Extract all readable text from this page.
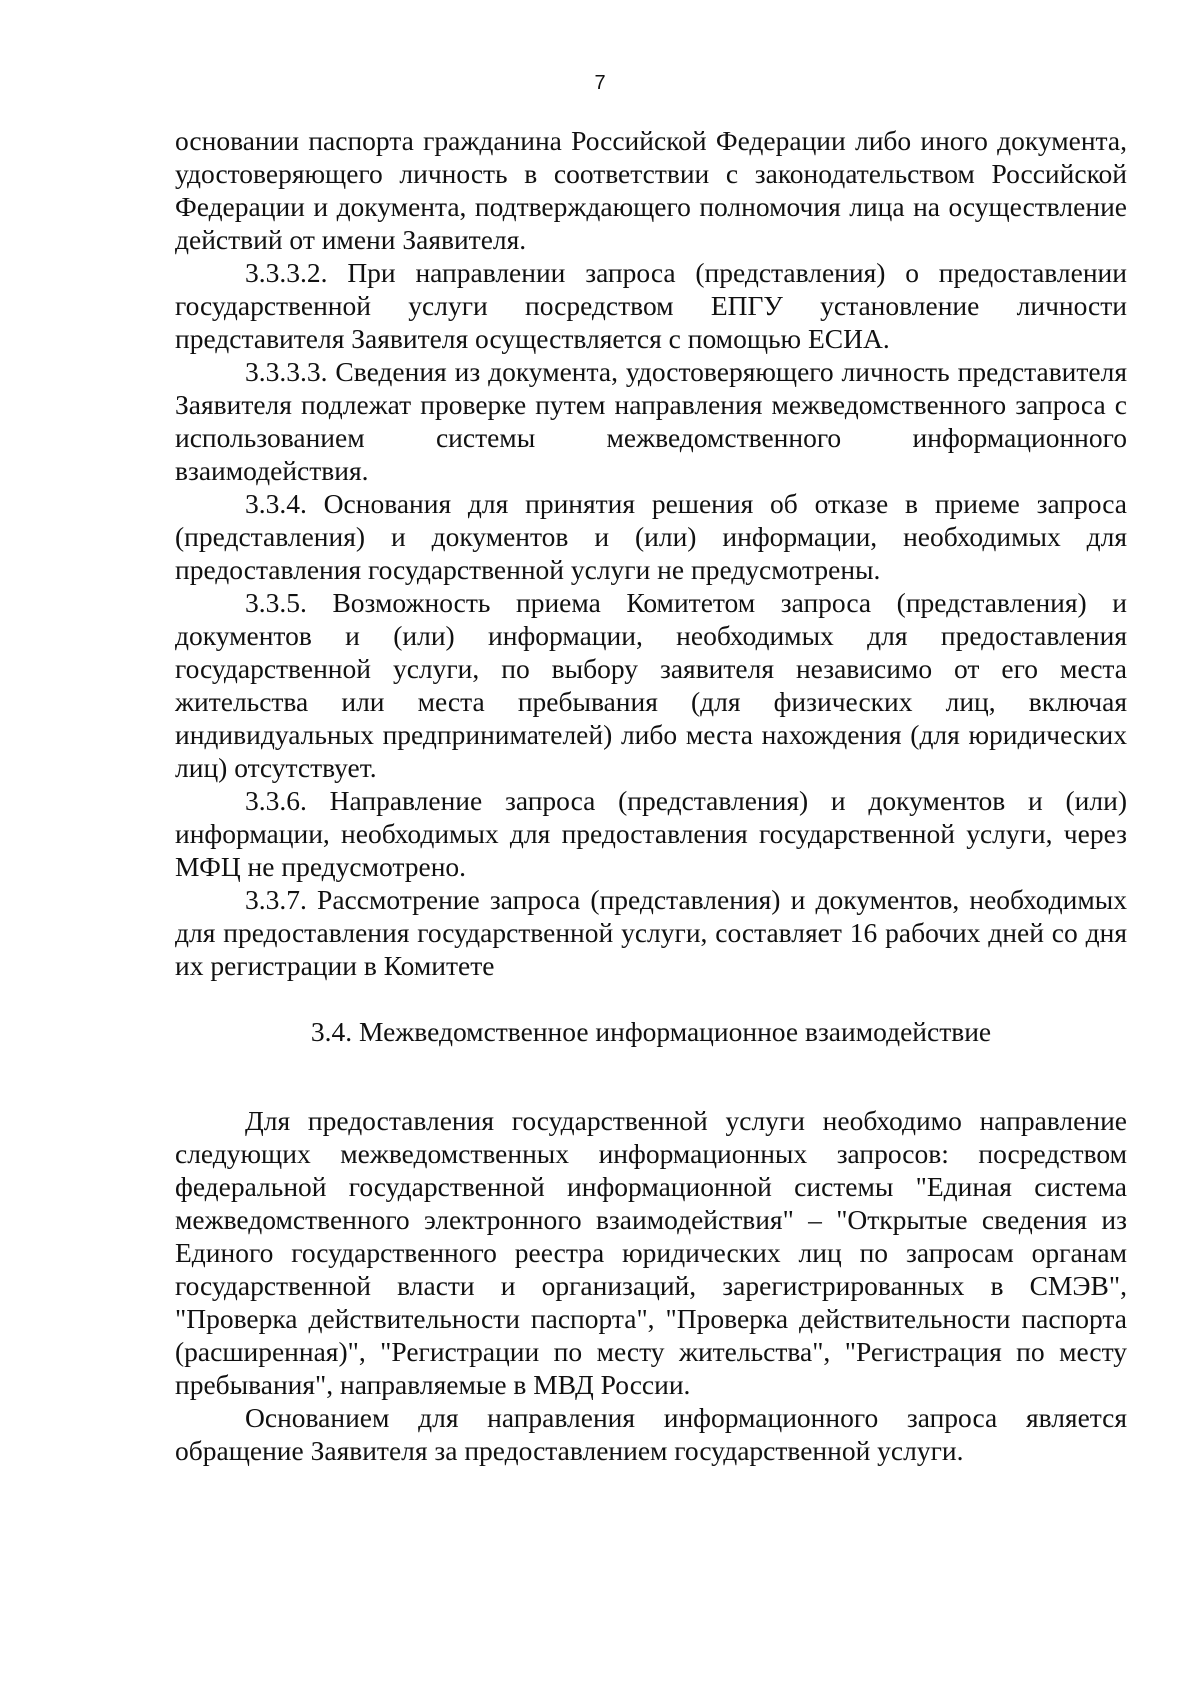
7

основании паспорта гражданина Российской Федерации либо иного документа, удостоверяющего личность в соответствии с законодательством Российской Федерации и документа, подтверждающего полномочия лица на осуществление действий от имени Заявителя.

3.3.3.2. При направлении запроса (представления) о предоставлении государственной услуги посредством ЕПГУ установление личности представителя Заявителя осуществляется с помощью ЕСИА.

3.3.3.3. Сведения из документа, удостоверяющего личность представителя Заявителя подлежат проверке путем направления межведомственного запроса с использованием системы межведомственного информационного взаимодействия.

3.3.4. Основания для принятия решения об отказе в приеме запроса (представления) и документов и (или) информации, необходимых для предоставления государственной услуги не предусмотрены.

3.3.5. Возможность приема Комитетом запроса (представления) и документов и (или) информации, необходимых для предоставления государственной услуги, по выбору заявителя независимо от его места жительства или места пребывания (для физических лиц, включая индивидуальных предпринимателей) либо места нахождения (для юридических лиц) отсутствует.

3.3.6. Направление запроса (представления) и документов и (или) информации, необходимых для предоставления государственной услуги, через МФЦ не предусмотрено.

3.3.7. Рассмотрение запроса (представления) и документов, необходимых для предоставления государственной услуги, составляет 16 рабочих дней со дня их регистрации в Комитете

3.4. Межведомственное информационное взаимодействие

Для предоставления государственной услуги необходимо направление следующих межведомственных информационных запросов: посредством федеральной государственной информационной системы "Единая система межведомственного электронного взаимодействия" – "Открытые сведения из Единого государственного реестра юридических лиц по запросам органам государственной власти и организаций, зарегистрированных в СМЭВ", "Проверка действительности паспорта", "Проверка действительности паспорта (расширенная)", "Регистрации по месту жительства", "Регистрация по месту пребывания", направляемые в МВД России.

Основанием для направления информационного запроса является обращение Заявителя за предоставлением государственной услуги.
